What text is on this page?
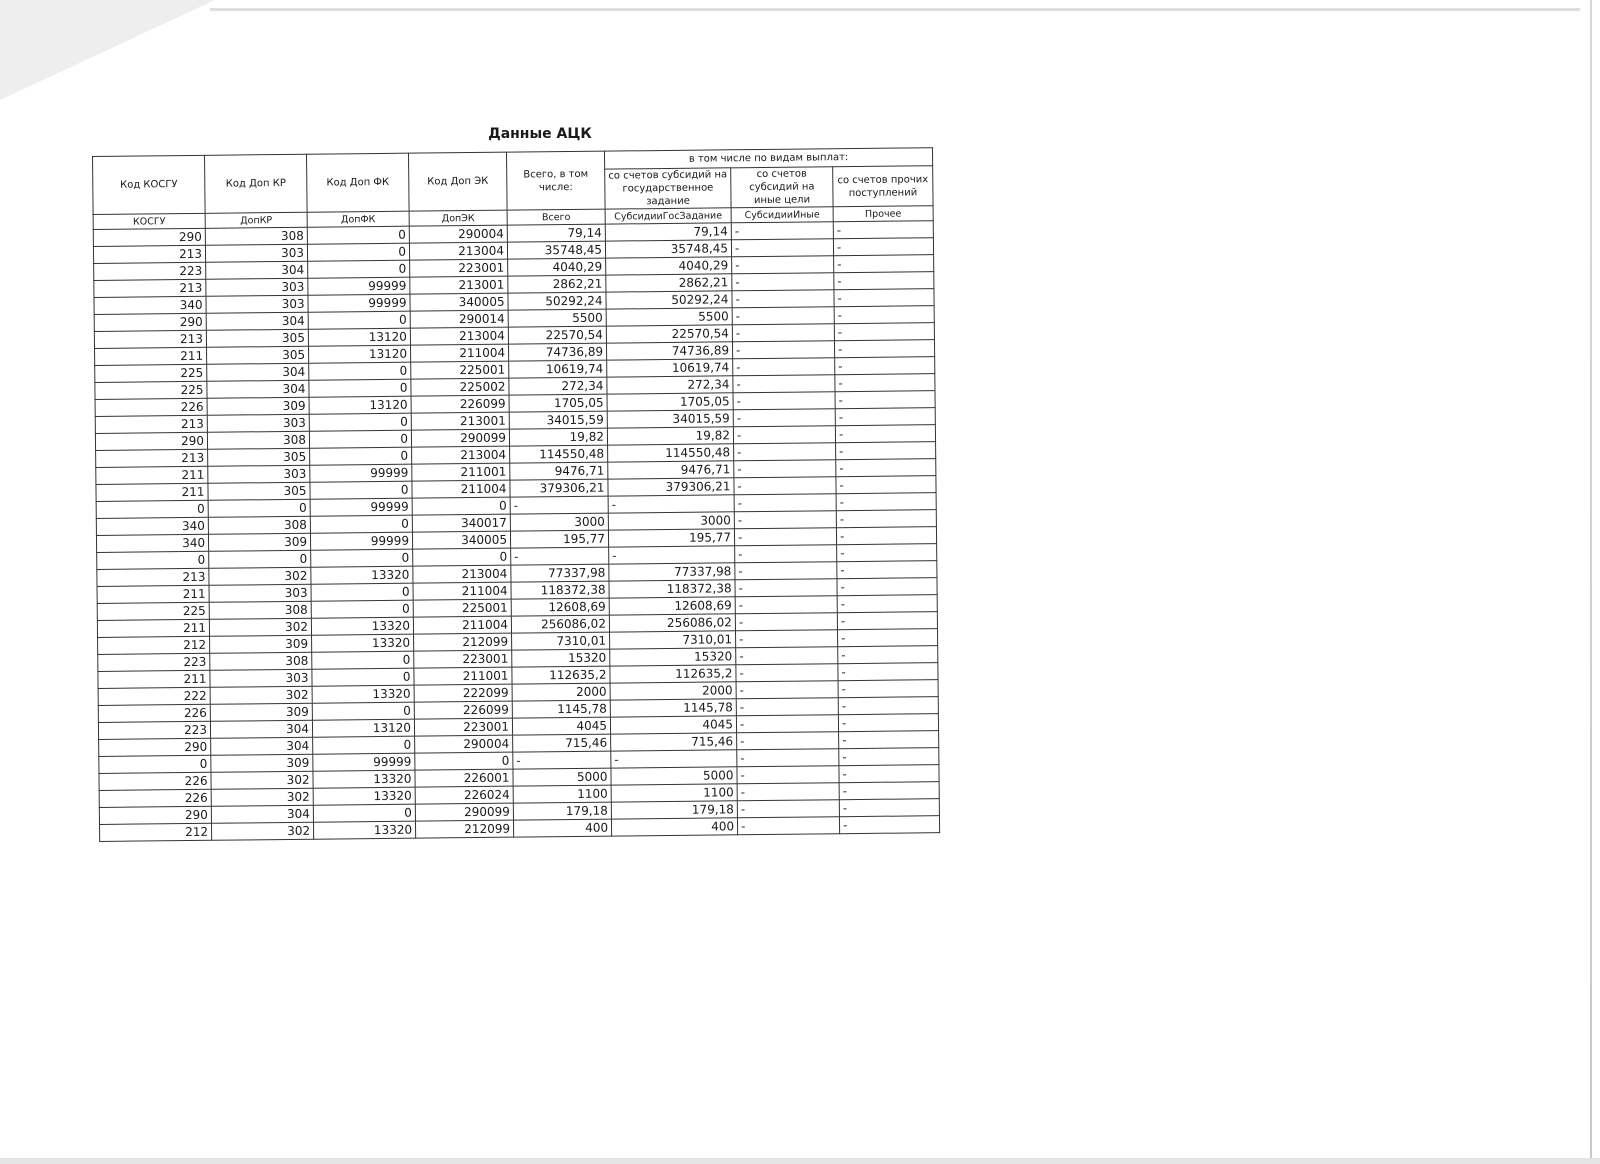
Данные АЦК
Код КОСГУ	Код Доп КР	Код Доп ФК	Код Доп ЭК	Всего, в том числе:	в том числе по видам выплат:		
					со счетов субсидий на государственное задание	со счетов субсидий на иные цели	со счетов прочих поступлений
КОСГУ	ДопКР	ДопФК	ДопЭК	Всего	СубсидииГосЗадание	СубсидииИные	Прочее
290	308	0	290004	79,14	79,14	-	-
213	303	0	213004	35748,45	35748,45	-	-
223	304	0	223001	4040,29	4040,29	-	-
213	303	99999	213001	2862,21	2862,21	-	-
340	303	99999	340005	50292,24	50292,24	-	-
290	304	0	290014	5500	5500	-	-
213	305	13120	213004	22570,54	22570,54	-	-
211	305	13120	211004	74736,89	74736,89	-	-
225	304	0	225001	10619,74	10619,74	-	-
225	304	0	225002	272,34	272,34	-	-
226	309	13120	226099	1705,05	1705,05	-	-
213	303	0	213001	34015,59	34015,59	-	-
290	308	0	290099	19,82	19,82	-	-
213	305	0	213004	114550,48	114550,48	-	-
211	303	99999	211001	9476,71	9476,71	-	-
211	305	0	211004	379306,21	379306,21	-	-
0	0	99999	0	-	-	-	-
340	308	0	340017	3000	3000	-	-
340	309	99999	340005	195,77	195,77	-	-
0	0	0	0	-	-	-	-
213	302	13320	213004	77337,98	77337,98	-	-
211	303	0	211004	118372,38	118372,38	-	-
225	308	0	225001	12608,69	12608,69	-	-
211	302	13320	211004	256086,02	256086,02	-	-
212	309	13320	212099	7310,01	7310,01	-	-
223	308	0	223001	15320	15320	-	-
211	303	0	211001	112635,2	112635,2	-	-
222	302	13320	222099	2000	2000	-	-
226	309	0	226099	1145,78	1145,78	-	-
223	304	13120	223001	4045	4045	-	-
290	304	0	290004	715,46	715,46	-	-
0	309	99999	0	-	-	-	-
226	302	13320	226001	5000	5000	-	-
226	302	13320	226024	1100	1100	-	-
290	304	0	290099	179,18	179,18	-	-
212	302	13320	212099	400	400	-	-
